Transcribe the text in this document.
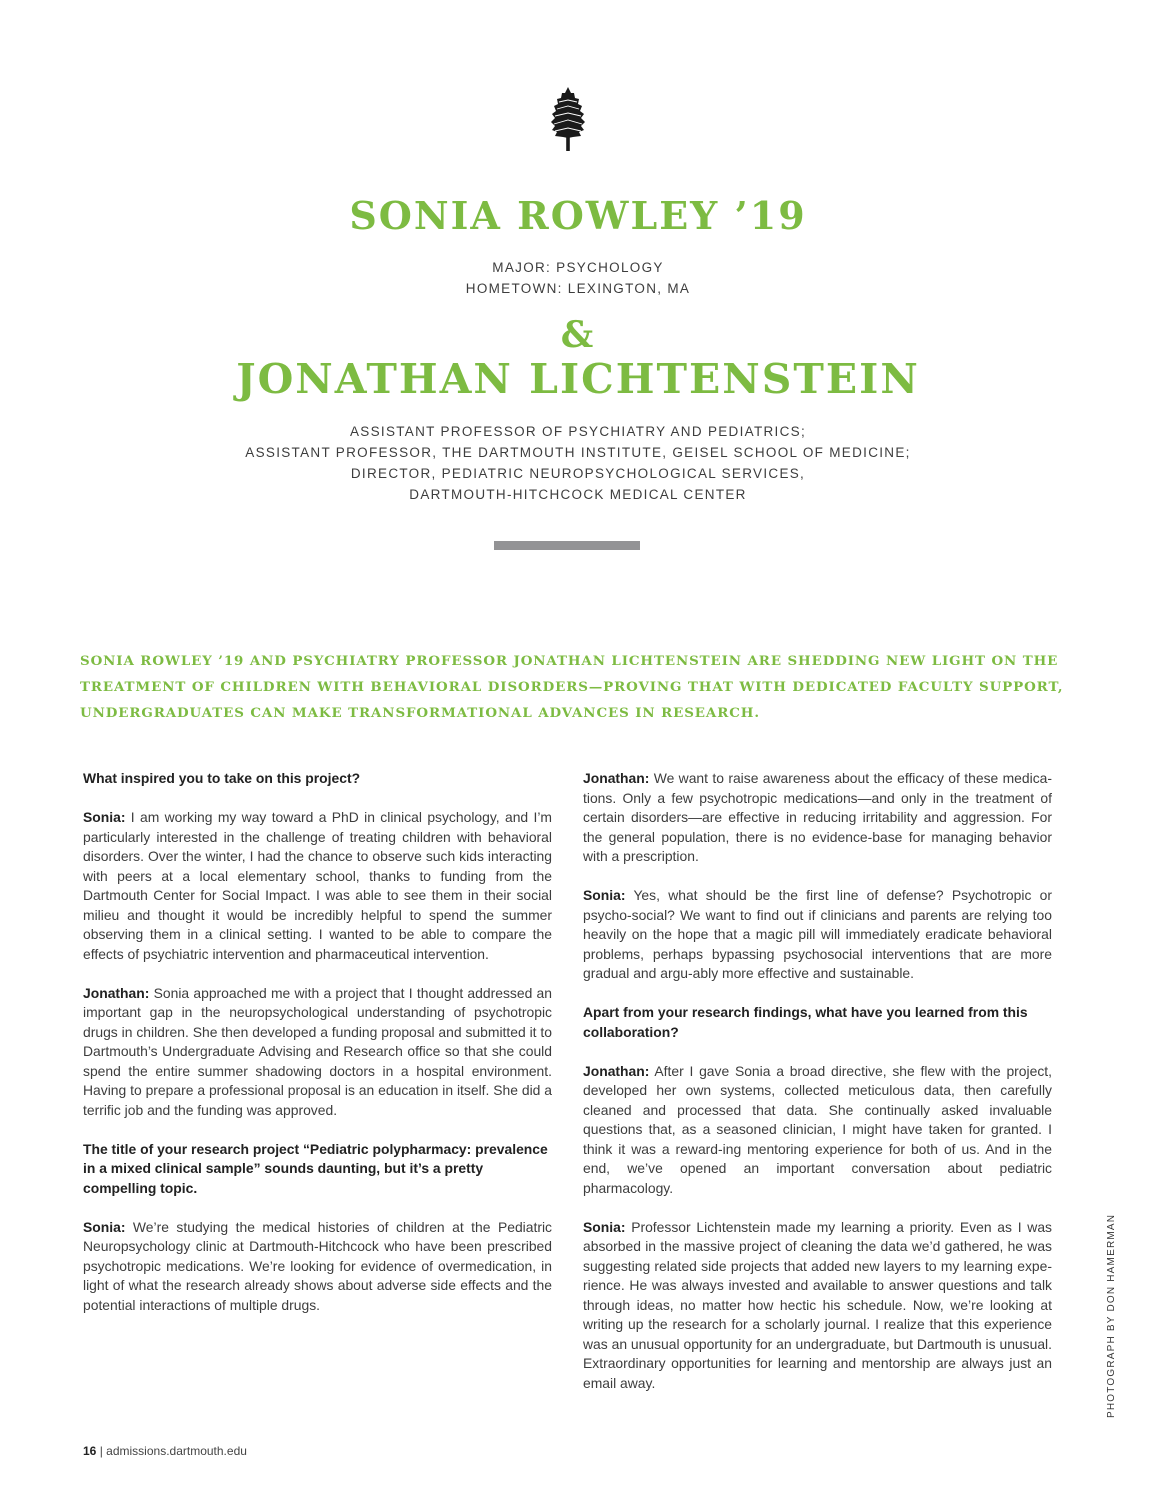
SONIA ROWLEY ’19
MAJOR: PSYCHOLOGY
HOMETOWN: LEXINGTON, MA
&
JONATHAN LICHTENSTEIN
ASSISTANT PROFESSOR OF PSYCHIATRY AND PEDIATRICS;
ASSISTANT PROFESSOR, THE DARTMOUTH INSTITUTE, GEISEL SCHOOL OF MEDICINE;
DIRECTOR, PEDIATRIC NEUROPSYCHOLOGICAL SERVICES,
DARTMOUTH-HITCHCOCK MEDICAL CENTER

SONIA ROWLEY ’19 AND PSYCHIATRY PROFESSOR JONATHAN LICHTENSTEIN ARE SHEDDING NEW LIGHT ON THE TREATMENT OF CHILDREN WITH BEHAVIORAL DISORDERS—PROVING THAT WITH DEDICATED FACULTY SUPPORT, UNDERGRADUATES CAN MAKE TRANSFORMATIONAL ADVANCES IN RESEARCH.

What inspired you to take on this project?

Sonia: I am working my way toward a PhD in clinical psychology, and I’m particularly interested in the challenge of treating children with behavioral disorders. Over the winter, I had the chance to observe such kids interacting with peers at a local elementary school, thanks to funding from the Dartmouth Center for Social Impact. I was able to see them in their social milieu and thought it would be incredibly helpful to spend the summer observing them in a clinical setting. I wanted to be able to compare the effects of psychiatric intervention and pharmaceutical intervention.

Jonathan: Sonia approached me with a project that I thought addressed an important gap in the neuropsychological understanding of psychotropic drugs in children. She then developed a funding proposal and submitted it to Dartmouth’s Undergraduate Advising and Research office so that she could spend the entire summer shadowing doctors in a hospital environment. Having to prepare a professional proposal is an education in itself. She did a terrific job and the funding was approved.

The title of your research project “Pediatric polypharmacy: prevalence in a mixed clinical sample” sounds daunting, but it’s a pretty compelling topic.

Sonia: We’re studying the medical histories of children at the Pediatric Neuropsychology clinic at Dartmouth-Hitchcock who have been prescribed psychotropic medications. We’re looking for evidence of overmedication, in light of what the research already shows about adverse side effects and the potential interactions of multiple drugs.

Jonathan: We want to raise awareness about the efficacy of these medica-tions. Only a few psychotropic medications—and only in the treatment of certain disorders—are effective in reducing irritability and aggression. For the general population, there is no evidence-base for managing behavior with a prescription.

Sonia: Yes, what should be the first line of defense? Psychotropic or psycho-social? We want to find out if clinicians and parents are relying too heavily on the hope that a magic pill will immediately eradicate behavioral problems, perhaps bypassing psychosocial interventions that are more gradual and argu-ably more effective and sustainable.

Apart from your research findings, what have you learned from this collaboration?

Jonathan: After I gave Sonia a broad directive, she flew with the project, developed her own systems, collected meticulous data, then carefully cleaned and processed that data. She continually asked invaluable questions that, as a seasoned clinician, I might have taken for granted. I think it was a reward-ing mentoring experience for both of us. And in the end, we’ve opened an important conversation about pediatric pharmacology.

Sonia: Professor Lichtenstein made my learning a priority. Even as I was absorbed in the massive project of cleaning the data we’d gathered, he was suggesting related side projects that added new layers to my learning expe-rience. He was always invested and available to answer questions and talk through ideas, no matter how hectic his schedule. Now, we’re looking at writing up the research for a scholarly journal. I realize that this experience was an unusual opportunity for an undergraduate, but Dartmouth is unusual. Extraordinary opportunities for learning and mentorship are always just an email away.	PHOTOGRAPH BY DON HAMERMAN
16 | admissions.dartmouth.edu
